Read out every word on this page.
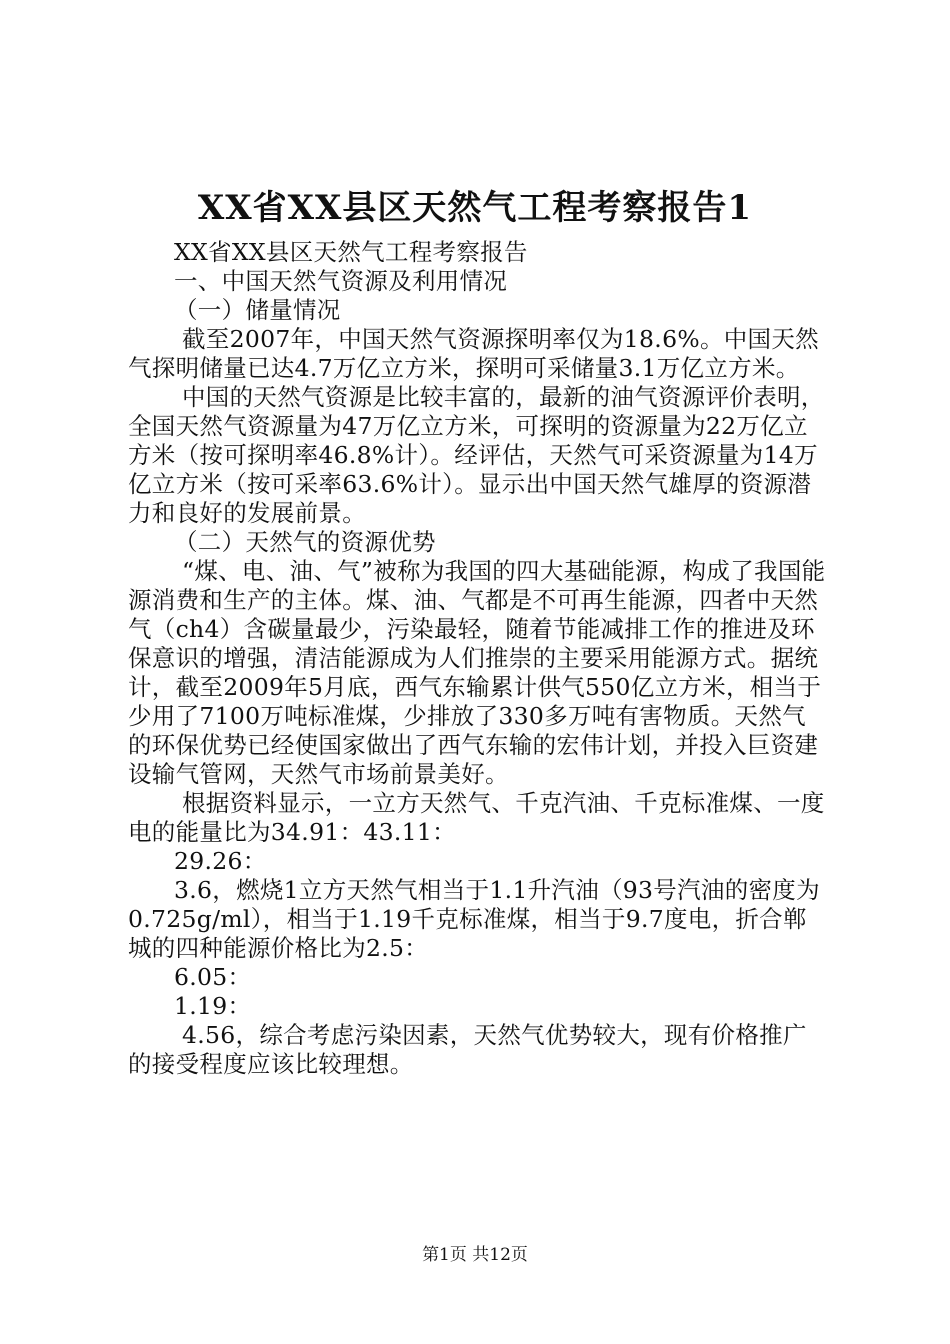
XX省XX县区天然气工程考察报告1

XX省XX县区天然气工程考察报告

一、中国天然气资源及利用情况

（一）储量情况

截至2007年，中国天然气资源探明率仅为18.6%。中国天然气探明储量已达4.7万亿立方米，探明可采储量3.1万亿立方米。

中国的天然气资源是比较丰富的，最新的油气资源评价表明，全国天然气资源量为47万亿立方米，可探明的资源量为22万亿立方米（按可探明率46.8%计）。经评估，天然气可采资源量为14万亿立方米（按可采率63.6%计）。显示出中国天然气雄厚的资源潜力和良好的发展前景。

（二）天然气的资源优势

“煤、电、油、气”被称为我国的四大基础能源，构成了我国能源消费和生产的主体。煤、油、气都是不可再生能源，四者中天然气（ch4）含碳量最少，污染最轻，随着节能减排工作的推进及环保意识的增强，清洁能源成为人们推崇的主要采用能源方式。据统计，截至2009年5月底，西气东输累计供气550亿立方米，相当于少用了7100万吨标准煤，少排放了330多万吨有害物质。天然气的环保优势已经使国家做出了西气东输的宏伟计划，并投入巨资建设输气管网，天然气市场前景美好。

根据资料显示，一立方天然气、千克汽油、千克标准煤、一度电的能量比为34.91：43.11：

29.26：

3.6，燃烧1立方天然气相当于1.1升汽油（93号汽油的密度为0.725g/ml），相当于1.19千克标准煤，相当于9.7度电，折合郸城的四种能源价格比为2.5：

6.05：

1.19：

4.56，综合考虑污染因素，天然气优势较大，现有价格推广的接受程度应该比较理想。

第1页 共12页
